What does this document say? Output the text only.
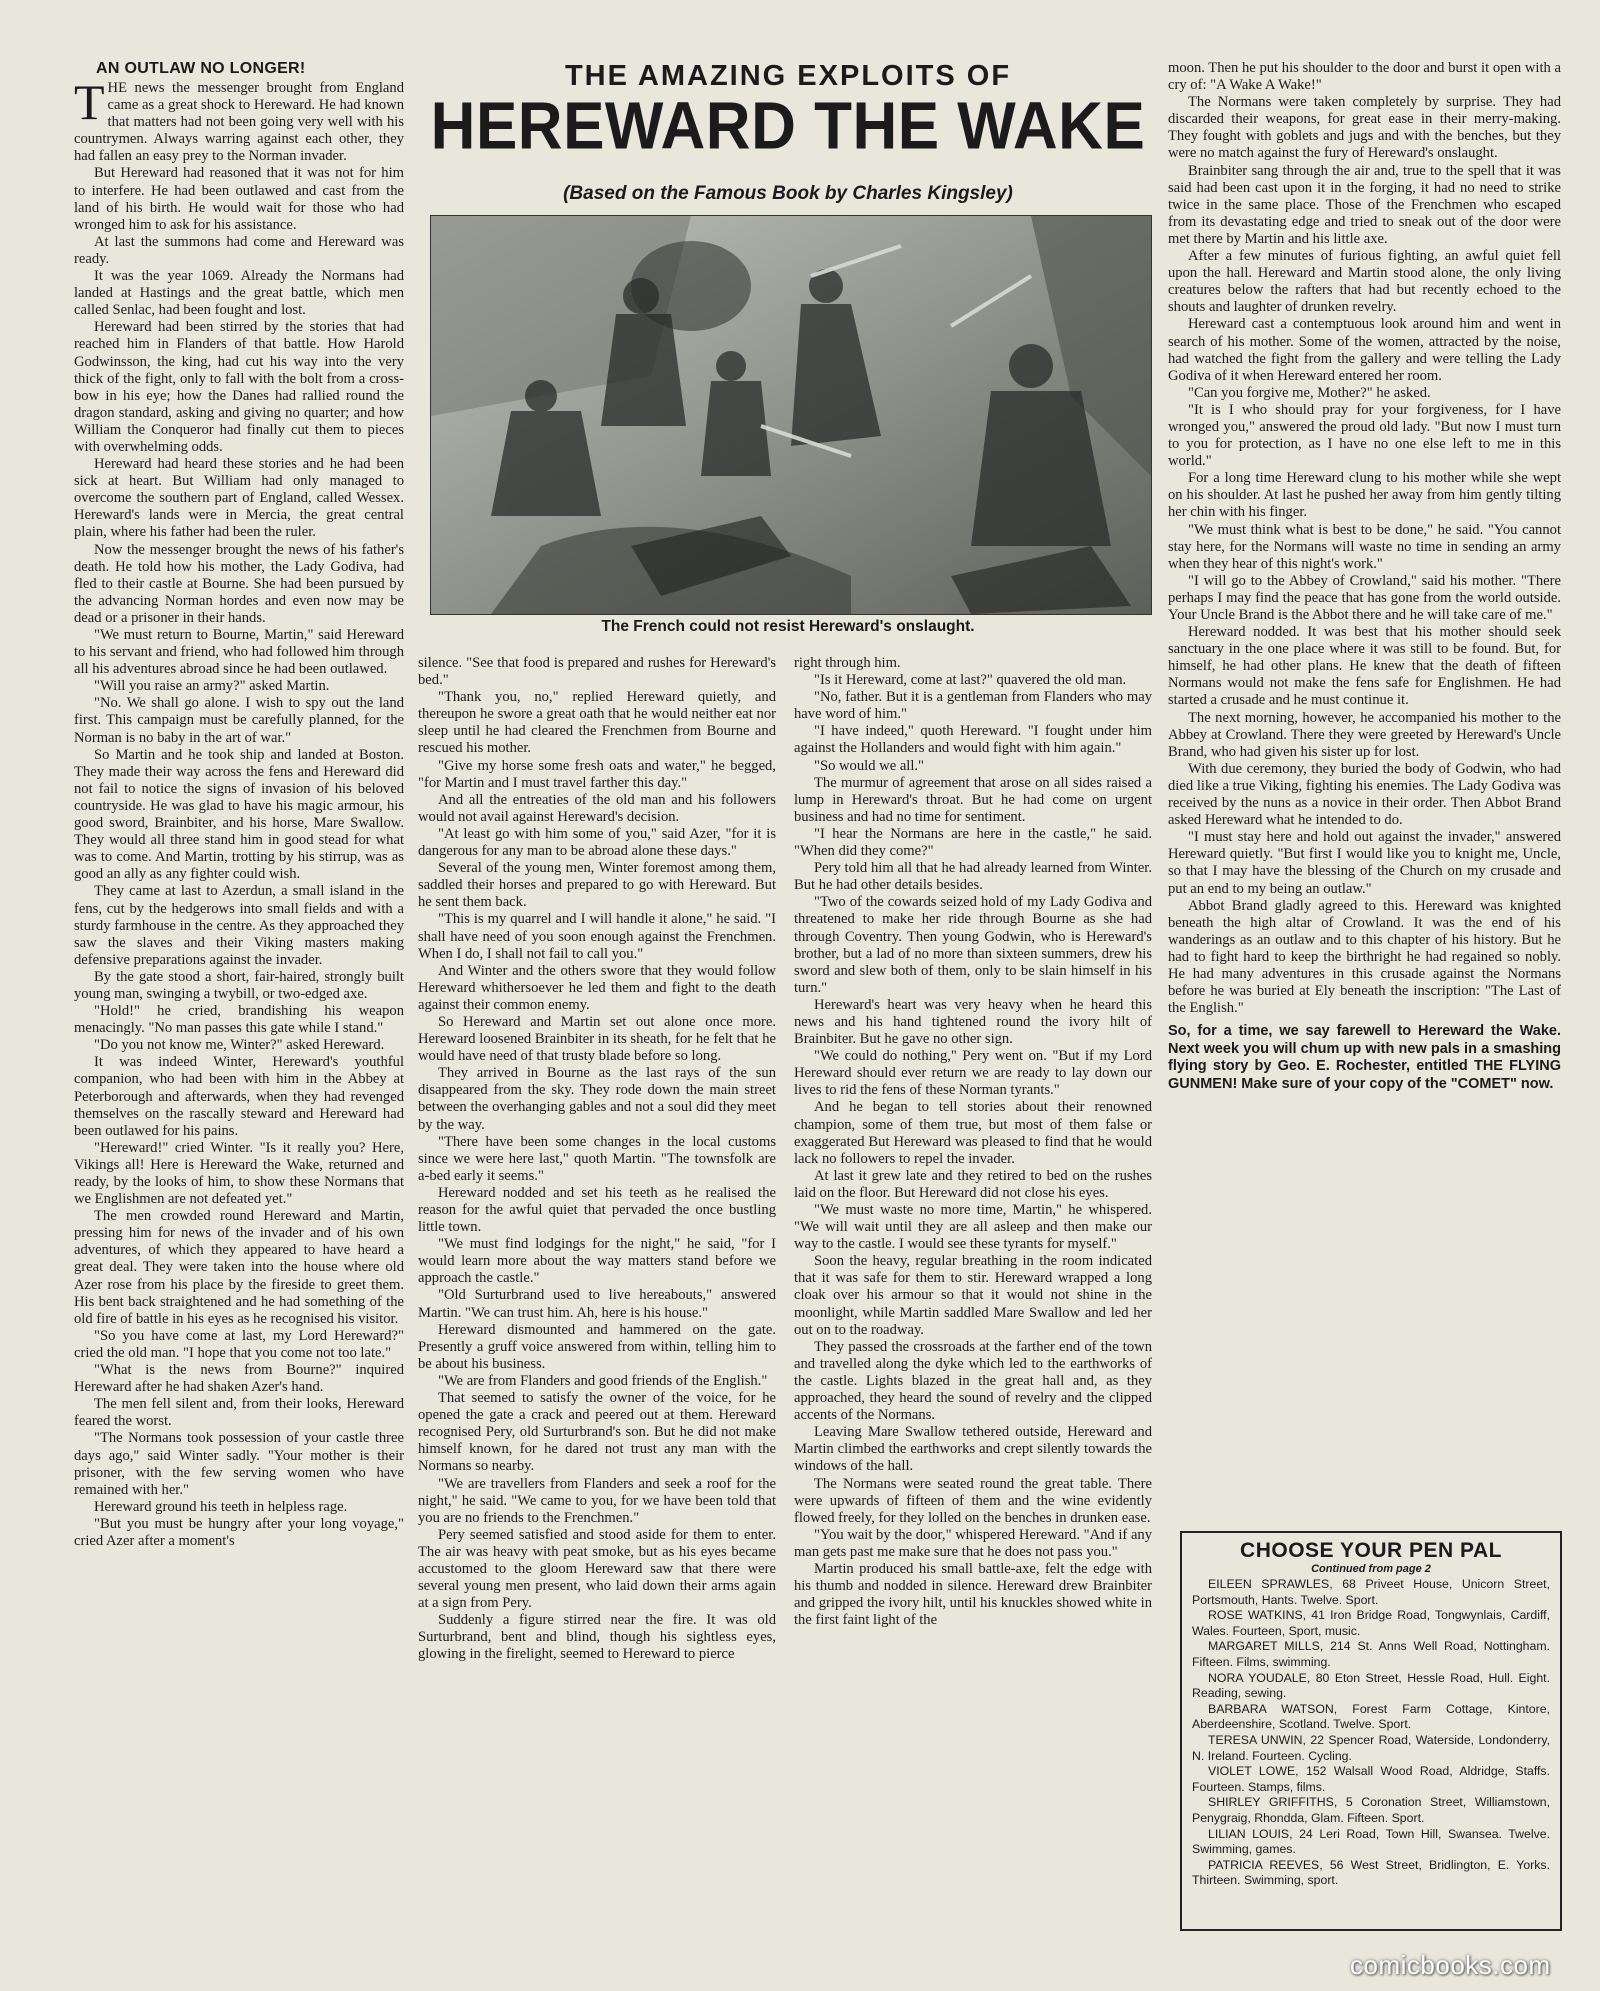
AN OUTLAW NO LONGER!

THE news the messenger brought from England came as a great shock to Hereward. He had known that matters had not been going very well with his countrymen. Always warring against each other, they had fallen an easy prey to the Norman invader.

But Hereward had reasoned that it was not for him to interfere. He had been outlawed and cast from the land of his birth. He would wait for those who had wronged him to ask for his assistance.

At last the summons had come and Hereward was ready.

It was the year 1069. Already the Normans had landed at Hastings and the great battle, which men called Senlac, had been fought and lost.

Hereward had been stirred by the stories that had reached him in Flanders of that battle. How Harold Godwinsson, the king, had cut his way into the very thick of the fight, only to fall with the bolt from a cross-bow in his eye; how the Danes had rallied round the dragon standard, asking and giving no quarter; and how William the Conqueror had finally cut them to pieces with overwhelming odds.

Hereward had heard these stories and he had been sick at heart. But William had only managed to overcome the southern part of England, called Wessex. Hereward's lands were in Mercia, the great central plain, where his father had been the ruler.

Now the messenger brought the news of his father's death. He told how his mother, the Lady Godiva, had fled to their castle at Bourne. She had been pursued by the advancing Norman hordes and even now may be dead or a prisoner in their hands.

"We must return to Bourne, Martin," said Hereward to his servant and friend, who had followed him through all his adventures abroad since he had been outlawed.

"Will you raise an army?" asked Martin.

"No. We shall go alone. I wish to spy out the land first. This campaign must be carefully planned, for the Norman is no baby in the art of war."

So Martin and he took ship and landed at Boston. They made their way across the fens and Hereward did not fail to notice the signs of invasion of his beloved countryside. He was glad to have his magic armour, his good sword, Brainbiter, and his horse, Mare Swallow. They would all three stand him in good stead for what was to come. And Martin, trotting by his stirrup, was as good an ally as any fighter could wish.

They came at last to Azerdun, a small island in the fens, cut by the hedgerows into small fields and with a sturdy farmhouse in the centre. As they approached they saw the slaves and their Viking masters making defensive preparations against the invader.

By the gate stood a short, fair-haired, strongly built young man, swinging a twybill, or two-edged axe.

"Hold!" he cried, brandishing his weapon menacingly. "No man passes this gate while I stand."

"Do you not know me, Winter?" asked Hereward.

It was indeed Winter, Hereward's youthful companion, who had been with him in the Abbey at Peterborough and afterwards, when they had revenged themselves on the rascally steward and Hereward had been outlawed for his pains.

"Hereward!" cried Winter. "Is it really you? Here, Vikings all! Here is Hereward the Wake, returned and ready, by the looks of him, to show these Normans that we Englishmen are not defeated yet."

The men crowded round Hereward and Martin, pressing him for news of the invader and of his own adventures, of which they appeared to have heard a great deal. They were taken into the house where old Azer rose from his place by the fireside to greet them. His bent back straightened and he had something of the old fire of battle in his eyes as he recognised his visitor.

"So you have come at last, my Lord Hereward?" cried the old man. "I hope that you come not too late."

"What is the news from Bourne?" inquired Hereward after he had shaken Azer's hand.

The men fell silent and, from their looks, Hereward feared the worst.

"The Normans took possession of your castle three days ago," said Winter sadly. "Your mother is their prisoner, with the few serving women who have remained with her."

Hereward ground his teeth in helpless rage.

"But you must be hungry after your long voyage," cried Azer after a moment's

THE AMAZING EXPLOITS OF
HEREWARD THE WAKE
(Based on the Famous Book by Charles Kingsley)
The French could not resist Hereward's onslaught.

silence. "See that food is prepared and rushes for Hereward's bed."

"Thank you, no," replied Hereward quietly, and thereupon he swore a great oath that he would neither eat nor sleep until he had cleared the Frenchmen from Bourne and rescued his mother.

"Give my horse some fresh oats and water," he begged, "for Martin and I must travel farther this day."

And all the entreaties of the old man and his followers would not avail against Hereward's decision.

"At least go with him some of you," said Azer, "for it is dangerous for any man to be abroad alone these days."

Several of the young men, Winter foremost among them, saddled their horses and prepared to go with Hereward. But he sent them back.

"This is my quarrel and I will handle it alone," he said. "I shall have need of you soon enough against the Frenchmen. When I do, I shall not fail to call you."

And Winter and the others swore that they would follow Hereward whithersoever he led them and fight to the death against their common enemy.

So Hereward and Martin set out alone once more. Hereward loosened Brainbiter in its sheath, for he felt that he would have need of that trusty blade before so long.

They arrived in Bourne as the last rays of the sun disappeared from the sky. They rode down the main street between the overhanging gables and not a soul did they meet by the way.

"There have been some changes in the local customs since we were here last," quoth Martin. "The townsfolk are a-bed early it seems."

Hereward nodded and set his teeth as he realised the reason for the awful quiet that pervaded the once bustling little town.

"We must find lodgings for the night," he said, "for I would learn more about the way matters stand before we approach the castle."

"Old Surturbrand used to live hereabouts," answered Martin. "We can trust him. Ah, here is his house."

Hereward dismounted and hammered on the gate. Presently a gruff voice answered from within, telling him to be about his business.

"We are from Flanders and good friends of the English."

That seemed to satisfy the owner of the voice, for he opened the gate a crack and peered out at them. Hereward recognised Pery, old Surturbrand's son. But he did not make himself known, for he dared not trust any man with the Normans so nearby.

"We are travellers from Flanders and seek a roof for the night," he said. "We came to you, for we have been told that you are no friends to the Frenchmen."

Pery seemed satisfied and stood aside for them to enter. The air was heavy with peat smoke, but as his eyes became accustomed to the gloom Hereward saw that there were several young men present, who laid down their arms again at a sign from Pery.

Suddenly a figure stirred near the fire. It was old Surturbrand, bent and blind, though his sightless eyes, glowing in the firelight, seemed to Hereward to pierce

right through him.

"Is it Hereward, come at last?" quavered the old man.

"No, father. But it is a gentleman from Flanders who may have word of him."

"I have indeed," quoth Hereward. "I fought under him against the Hollanders and would fight with him again."

"So would we all."

The murmur of agreement that arose on all sides raised a lump in Hereward's throat. But he had come on urgent business and had no time for sentiment.

"I hear the Normans are here in the castle," he said. "When did they come?"

Pery told him all that he had already learned from Winter. But he had other details besides.

"Two of the cowards seized hold of my Lady Godiva and threatened to make her ride through Bourne as she had through Coventry. Then young Godwin, who is Hereward's brother, but a lad of no more than sixteen summers, drew his sword and slew both of them, only to be slain himself in his turn."

Hereward's heart was very heavy when he heard this news and his hand tightened round the ivory hilt of Brainbiter. But he gave no other sign.

"We could do nothing," Pery went on. "But if my Lord Hereward should ever return we are ready to lay down our lives to rid the fens of these Norman tyrants."

And he began to tell stories about their renowned champion, some of them true, but most of them false or exaggerated But Hereward was pleased to find that he would lack no followers to repel the invader.

At last it grew late and they retired to bed on the rushes laid on the floor. But Hereward did not close his eyes.

"We must waste no more time, Martin," he whispered. "We will wait until they are all asleep and then make our way to the castle. I would see these tyrants for myself."

Soon the heavy, regular breathing in the room indicated that it was safe for them to stir. Hereward wrapped a long cloak over his armour so that it would not shine in the moonlight, while Martin saddled Mare Swallow and led her out on to the roadway.

They passed the crossroads at the farther end of the town and travelled along the dyke which led to the earthworks of the castle. Lights blazed in the great hall and, as they approached, they heard the sound of revelry and the clipped accents of the Normans.

Leaving Mare Swallow tethered outside, Hereward and Martin climbed the earthworks and crept silently towards the windows of the hall.

The Normans were seated round the great table. There were upwards of fifteen of them and the wine evidently flowed freely, for they lolled on the benches in drunken ease.

"You wait by the door," whispered Hereward. "And if any man gets past me make sure that he does not pass you."

Martin produced his small battle-axe, felt the edge with his thumb and nodded in silence. Hereward drew Brainbiter and gripped the ivory hilt, until his knuckles showed white in the first faint light of the

moon. Then he put his shoulder to the door and burst it open with a cry of: "A Wake A Wake!"

The Normans were taken completely by surprise. They had discarded their weapons, for great ease in their merry-making. They fought with goblets and jugs and with the benches, but they were no match against the fury of Hereward's onslaught.

Brainbiter sang through the air and, true to the spell that it was said had been cast upon it in the forging, it had no need to strike twice in the same place. Those of the Frenchmen who escaped from its devastating edge and tried to sneak out of the door were met there by Martin and his little axe.

After a few minutes of furious fighting, an awful quiet fell upon the hall. Hereward and Martin stood alone, the only living creatures below the rafters that had but recently echoed to the shouts and laughter of drunken revelry.

Hereward cast a contemptuous look around him and went in search of his mother. Some of the women, attracted by the noise, had watched the fight from the gallery and were telling the Lady Godiva of it when Hereward entered her room.

"Can you forgive me, Mother?" he asked.

"It is I who should pray for your forgiveness, for I have wronged you," answered the proud old lady. "But now I must turn to you for protection, as I have no one else left to me in this world."

For a long time Hereward clung to his mother while she wept on his shoulder. At last he pushed her away from him gently tilting her chin with his finger.

"We must think what is best to be done," he said. "You cannot stay here, for the Normans will waste no time in sending an army when they hear of this night's work."

"I will go to the Abbey of Crowland," said his mother. "There perhaps I may find the peace that has gone from the world outside. Your Uncle Brand is the Abbot there and he will take care of me."

Hereward nodded. It was best that his mother should seek sanctuary in the one place where it was still to be found. But, for himself, he had other plans. He knew that the death of fifteen Normans would not make the fens safe for Englishmen. He had started a crusade and he must continue it.

The next morning, however, he accompanied his mother to the Abbey at Crowland. There they were greeted by Hereward's Uncle Brand, who had given his sister up for lost.

With due ceremony, they buried the body of Godwin, who had died like a true Viking, fighting his enemies. The Lady Godiva was received by the nuns as a novice in their order. Then Abbot Brand asked Hereward what he intended to do.

"I must stay here and hold out against the invader," answered Hereward quietly. "But first I would like you to knight me, Uncle, so that I may have the blessing of the Church on my crusade and put an end to my being an outlaw."

Abbot Brand gladly agreed to this. Hereward was knighted beneath the high altar of Crowland. It was the end of his wanderings as an outlaw and to this chapter of his history. But he had to fight hard to keep the birthright he had regained so nobly. He had many adventures in this crusade against the Normans before he was buried at Ely beneath the inscription: "The Last of the English."

So, for a time, we say farewell to Hereward the Wake. Next week you will chum up with new pals in a smashing flying story by Geo. E. Rochester, entitled THE FLYING GUNMEN! Make sure of your copy of the "COMET" now.
CHOOSE YOUR PEN PAL
Continued from page 2

EILEEN SPRAWLES, 68 Priveet House, Unicorn Street, Portsmouth, Hants. Twelve. Sport.

ROSE WATKINS, 41 Iron Bridge Road, Tongwynlais, Cardiff, Wales. Fourteen, Sport, music.

MARGARET MILLS, 214 St. Anns Well Road, Nottingham. Fifteen. Films, swimming.

NORA YOUDALE, 80 Eton Street, Hessle Road, Hull. Eight. Reading, sewing.

BARBARA WATSON, Forest Farm Cottage, Kintore, Aberdeenshire, Scotland. Twelve. Sport.

TERESA UNWIN, 22 Spencer Road, Waterside, Londonderry, N. Ireland. Fourteen. Cycling.

VIOLET LOWE, 152 Walsall Wood Road, Aldridge, Staffs. Fourteen. Stamps, films.

SHIRLEY GRIFFITHS, 5 Coronation Street, Williamstown, Penygraig, Rhondda, Glam. Fifteen. Sport.

LILIAN LOUIS, 24 Leri Road, Town Hill, Swansea. Twelve. Swimming, games.

PATRICIA REEVES, 56 West Street, Bridlington, E. Yorks. Thirteen. Swimming, sport.

comicbooks.com
